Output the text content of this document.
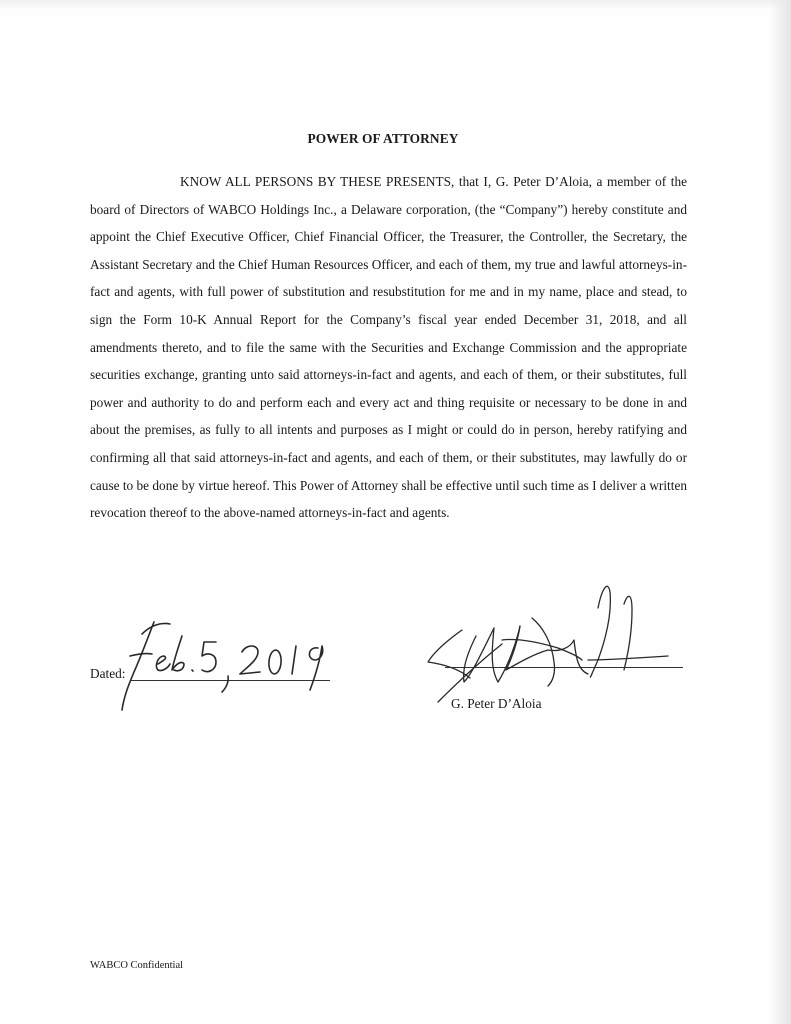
POWER OF ATTORNEY

KNOW ALL PERSONS BY THESE PRESENTS, that I, G. Peter D’Aloia, a member of the board of Directors of WABCO Holdings Inc., a Delaware corporation, (the “Company”) hereby constitute and appoint the Chief Executive Officer, Chief Financial Officer, the Treasurer, the Controller, the Secretary, the Assistant Secretary and the Chief Human Resources Officer, and each of them, my true and lawful attorneys-in-fact and agents, with full power of substitution and resubstitution for me and in my name, place and stead, to sign the Form 10-K Annual Report for the Company’s fiscal year ended December 31, 2018, and all amendments thereto, and to file the same with the Securities and Exchange Commission and the appropriate securities exchange, granting unto said attorneys-in-fact and agents, and each of them, or their substitutes, full power and authority to do and perform each and every act and thing requisite or necessary to be done in and about the premises, as fully to all intents and purposes as I might or could do in person, hereby ratifying and confirming all that said attorneys-in-fact and agents, and each of them, or their substitutes, may lawfully do or cause to be done by virtue hereof. This Power of Attorney shall be effective until such time as I deliver a written revocation thereof to the above-named attorneys-in-fact and agents.

Dated:
G. Peter D’Aloia
WABCO Confidential
